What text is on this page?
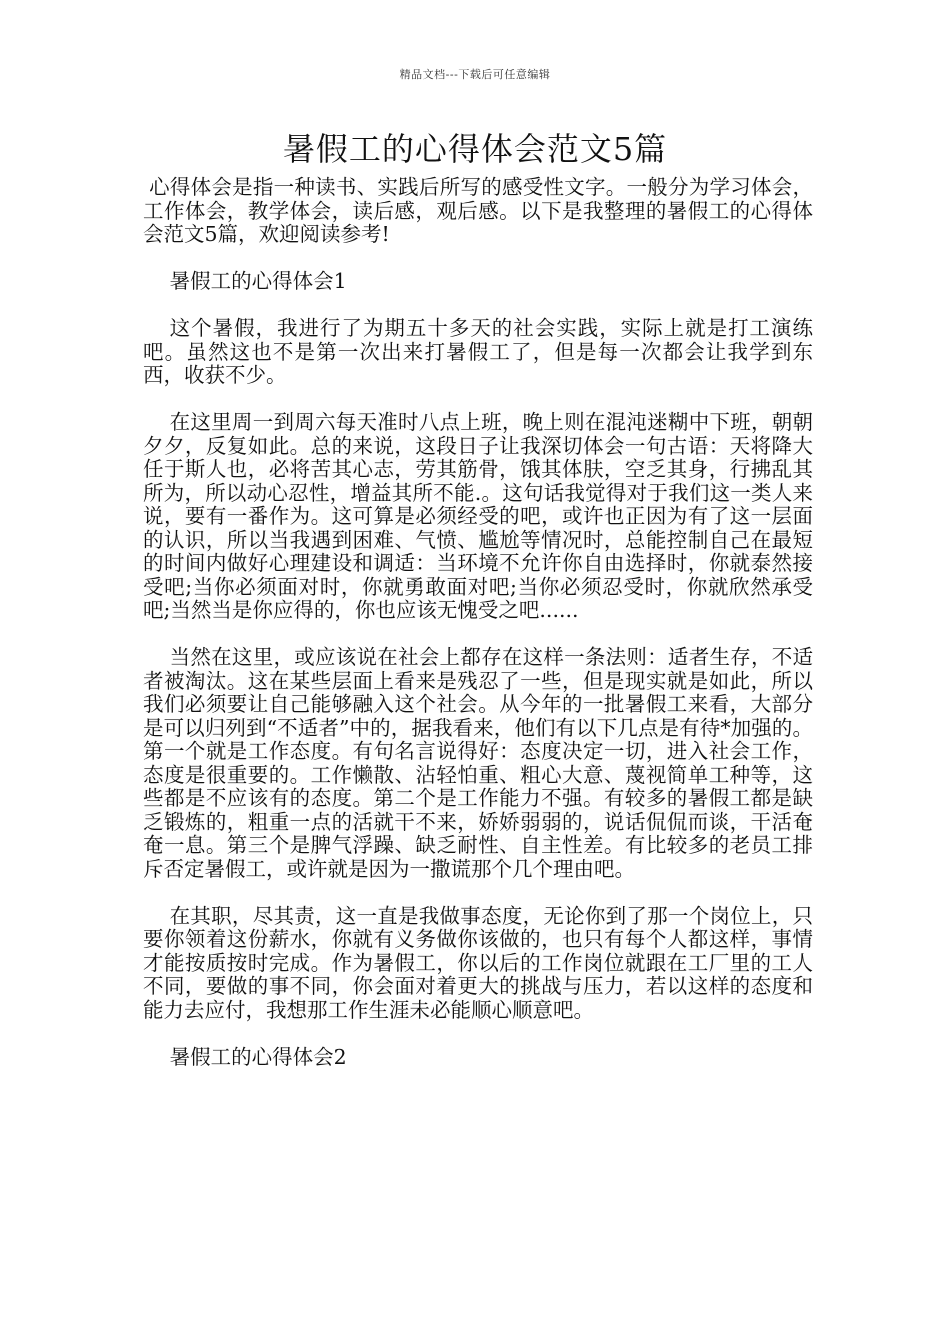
精品文档---下载后可任意编辑
暑假工的心得体会范文5篇

心得体会是指一种读书、实践后所写的感受性文字。一般分为学习体会，工作体会，教学体会，读后感，观后感。以下是我整理的暑假工的心得体会范文5篇，欢迎阅读参考!

暑假工的心得体会1

这个暑假，我进行了为期五十多天的社会实践，实际上就是打工演练吧。虽然这也不是第一次出来打暑假工了，但是每一次都会让我学到东西，收获不少。

在这里周一到周六每天准时八点上班，晚上则在混沌迷糊中下班，朝朝夕夕，反复如此。总的来说，这段日子让我深切体会一句古语：天将降大任于斯人也，必将苦其心志，劳其筋骨，饿其体肤，空乏其身，行拂乱其所为，所以动心忍性，增益其所不能.。这句话我觉得对于我们这一类人来说，要有一番作为。这可算是必须经受的吧，或许也正因为有了这一层面的认识，所以当我遇到困难、气愤、尴尬等情况时，总能控制自己在最短的时间内做好心理建设和调适：当环境不允许你自由选择时，你就泰然接受吧;当你必须面对时，你就勇敢面对吧;当你必须忍受时，你就欣然承受吧;当然当是你应得的，你也应该无愧受之吧......

当然在这里，或应该说在社会上都存在这样一条法则：适者生存，不适者被淘汰。这在某些层面上看来是残忍了一些，但是现实就是如此，所以我们必须要让自己能够融入这个社会。从今年的一批暑假工来看，大部分是可以归列到“不适者”中的，据我看来，他们有以下几点是有待*加强的。第一个就是工作态度。有句名言说得好：态度决定一切，进入社会工作，态度是很重要的。工作懒散、沾轻怕重、粗心大意、蔑视简单工种等，这些都是不应该有的态度。第二个是工作能力不强。有较多的暑假工都是缺乏锻炼的，粗重一点的活就干不来，娇娇弱弱的，说话侃侃而谈，干活奄奄一息。第三个是脾气浮躁、缺乏耐性、自主性差。有比较多的老员工排斥否定暑假工，或许就是因为一撒谎那个几个理由吧。

在其职，尽其责，这一直是我做事态度，无论你到了那一个岗位上，只要你领着这份薪水，你就有义务做你该做的，也只有每个人都这样，事情才能按质按时完成。作为暑假工，你以后的工作岗位就跟在工厂里的工人不同，要做的事不同，你会面对着更大的挑战与压力，若以这样的态度和能力去应付，我想那工作生涯未必能顺心顺意吧。

暑假工的心得体会2
